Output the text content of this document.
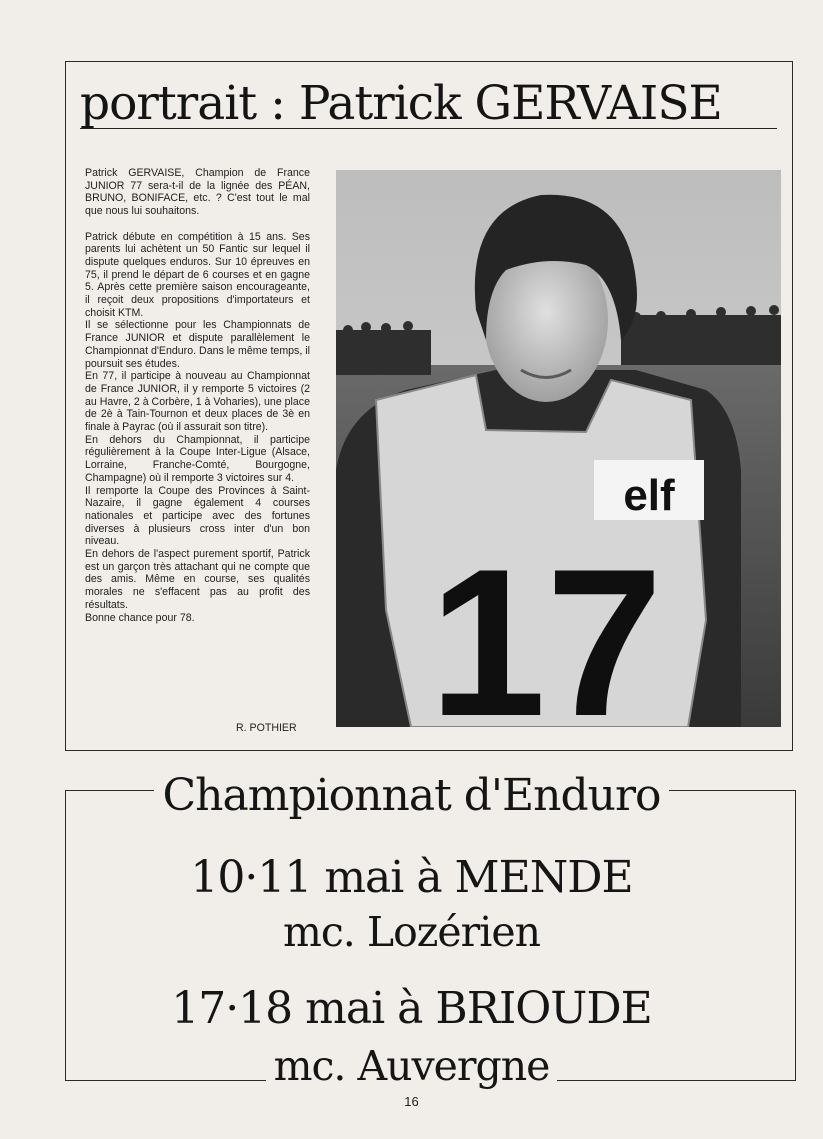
portrait : Patrick GERVAISE

Patrick GERVAISE, Champion de France JUNIOR 77 sera-t-il de la lignée des PÉAN, BRUNO, BONIFACE, etc. ? C'est tout le mal que nous lui souhaitons.

Patrick débute en compétition à 15 ans. Ses parents lui achètent un 50 Fantic sur lequel il dispute quelques enduros. Sur 10 épreuves en 75, il prend le départ de 6 courses et en gagne 5. Après cette première saison encourageante, il reçoit deux propositions d'importateurs et choisit KTM.

Il se sélectionne pour les Championnats de France JUNIOR et dispute parallèlement le Championnat d'Enduro. Dans le même temps, il poursuit ses études.

En 77, il participe à nouveau au Championnat de France JUNIOR, il y remporte 5 victoires (2 au Havre, 2 à Corbère, 1 à Voharies), une place de 2è à Tain-Tournon et deux places de 3è en finale à Payrac (où il assurait son titre).

En dehors du Championnat, il participe régulièrement à la Coupe Inter-Ligue (Alsace, Lorraine, Franche-Comté, Bourgogne, Champagne) où il remporte 3 victoires sur 4.

Il remporte la Coupe des Provinces à Saint-Nazaire, il gagne également 4 courses nationales et participe avec des fortunes diverses à plusieurs cross inter d'un bon niveau.

En dehors de l'aspect purement sportif, Patrick est un garçon très attachant qui ne compte que des amis. Même en course, ses qualités morales ne s'effacent pas au profit des résultats.

Bonne chance pour 78.

R. POTHIER
elf
17
Championnat d'Enduro
10·11 mai à MENDE
mc. Lozérien
17·18 mai à BRIOUDE
mc. Auvergne
16
